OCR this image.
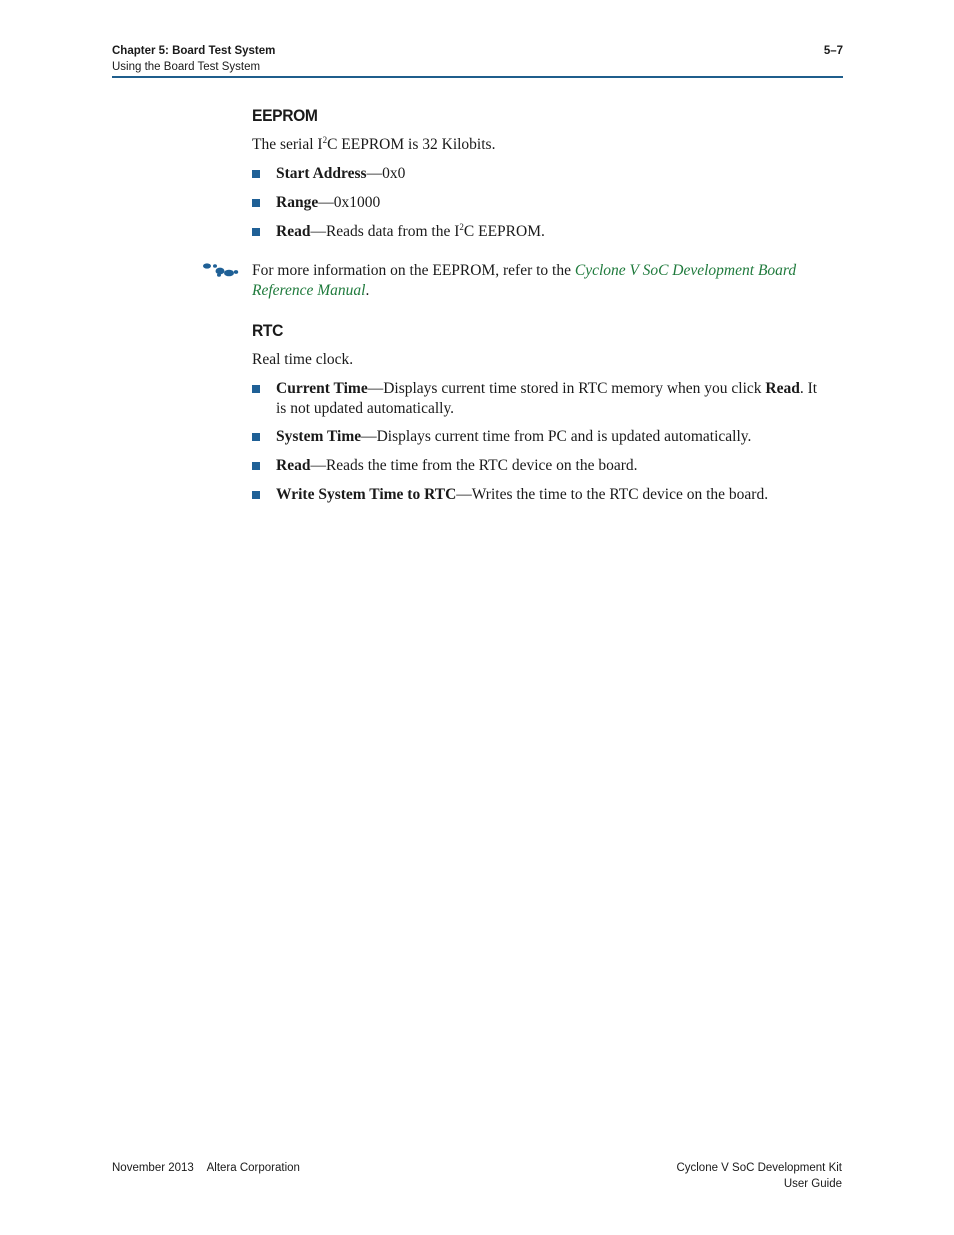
Chapter 5: Board Test System
Using the Board Test System
5–7
EEPROM
The serial $I^2C$ EEPROM is 32 Kilobits.
Start Address—0x0
Range—0x1000
Read—Reads data from the $I^2C$ EEPROM.
For more information on the EEPROM, refer to the Cyclone V SoC Development Board Reference Manual.
RTC
Real time clock.
Current Time—Displays current time stored in RTC memory when you click Read. It is not updated automatically.
System Time—Displays current time from PC and is updated automatically.
Read—Reads the time from the RTC device on the board.
Write System Time to RTC—Writes the time to the RTC device on the board.
November 2013 Altera Corporation	Cyclone V SoC Development Kit
User Guide
